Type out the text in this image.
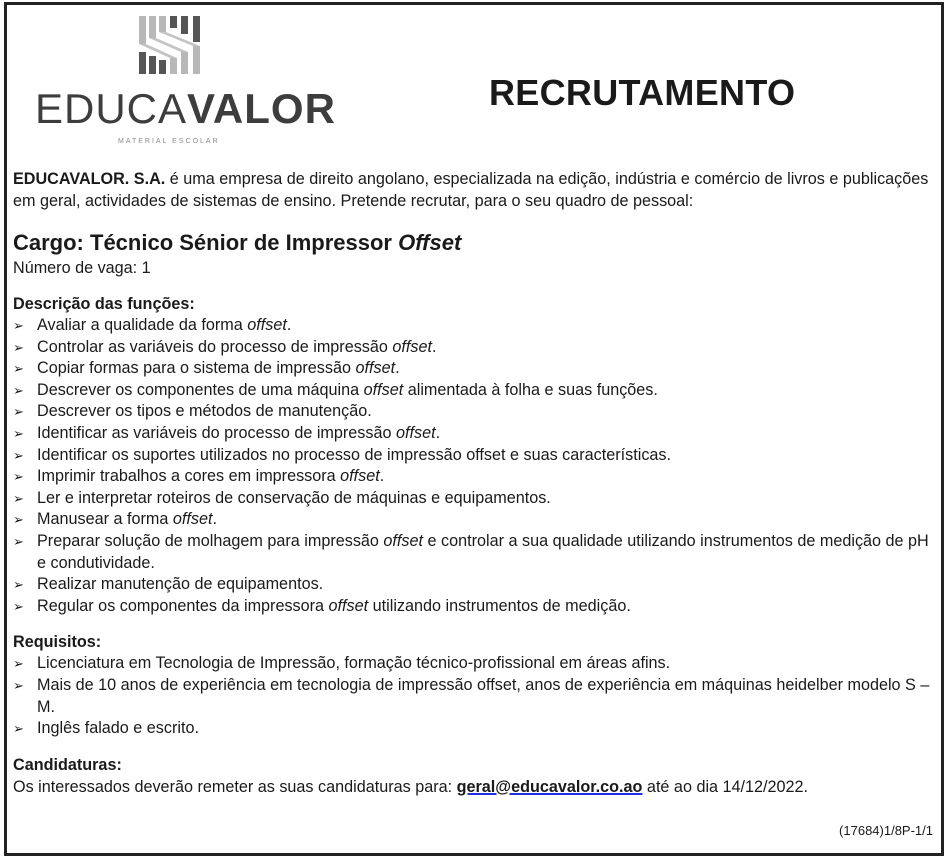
EDUCAVALOR
MATERIAL ESCOLAR
RECRUTAMENTO

EDUCAVALOR. S.A. é uma empresa de direito angolano, especializada na edição, indústria e comércio de livros e publicações em geral, actividades de sistemas de ensino. Pretende recrutar, para o seu quadro de pessoal:

Cargo: Técnico Sénior de Impressor Offset

Número de vaga: 1

Descrição das funções:

➢ Avaliar a qualidade da forma offset.
➢ Controlar as variáveis do processo de impressão offset.
➢ Copiar formas para o sistema de impressão offset.
➢ Descrever os componentes de uma máquina offset alimentada à folha e suas funções.
➢ Descrever os tipos e métodos de manutenção.
➢ Identificar as variáveis do processo de impressão offset.
➢ Identificar os suportes utilizados no processo de impressão offset e suas características.
➢ Imprimir trabalhos a cores em impressora offset.
➢ Ler e interpretar roteiros de conservação de máquinas e equipamentos.
➢ Manusear a forma offset.
➢ Preparar solução de molhagem para impressão offset e controlar a sua qualidade utilizando instrumentos de medição de pH e condutividade.
➢ Realizar manutenção de equipamentos.
➢ Regular os componentes da impressora offset utilizando instrumentos de medição.

Requisitos:

➢ Licenciatura em Tecnologia de Impressão, formação técnico-profissional em áreas afins.
➢ Mais de 10 anos de experiência em tecnologia de impressão offset, anos de experiência em máquinas heidelber modelo S – M.
➢ Inglês falado e escrito.

Candidaturas:

Os interessados deverão remeter as suas candidaturas para: geral@educavalor.co.ao até ao dia 14/12/2022.

(17684)1/8P-1/1
